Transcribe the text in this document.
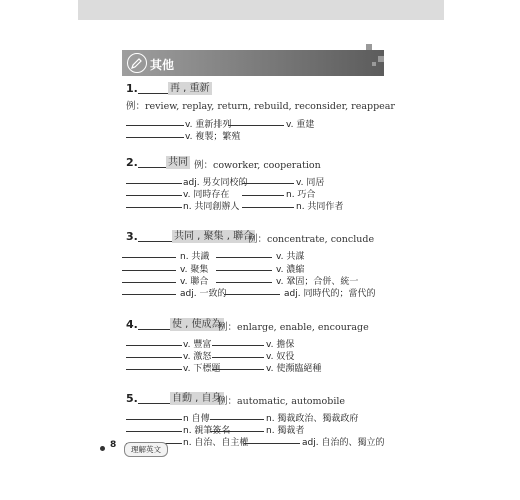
其他
1.	再 , 重新
例：review, replay, return, rebuild, reconsider, reappear
v. 重新排列	v. 重建
v. 複製；繁殖
2.	共同 例：coworker, cooperation
adj. 男女同校的	v. 同居
v. 同時存在	n. 巧合
n. 共同創辦人	n. 共同作者
3.	共同 , 聚集 , 聯合
例：concentrate, conclude
n. 共識	v. 共謀
v. 聚集	v. 濃縮
v. 聯合	v. 鞏固；合併、統一
adj. 一致的	adj. 同時代的；當代的
4.	使 , 使成為
例：enlarge, enable, encourage
v. 豐富	v. 擔保
v. 激怒	v. 奴役
v. 下標題	v. 使瀕臨絕種
5.	自動 , 自身
例：automatic, automobile
n 自傳	n. 獨裁政治、獨裁政府
n. 親筆簽名	n. 獨裁者
n. 自治、自主權	adj. 自治的、獨立的
8	理解英文
